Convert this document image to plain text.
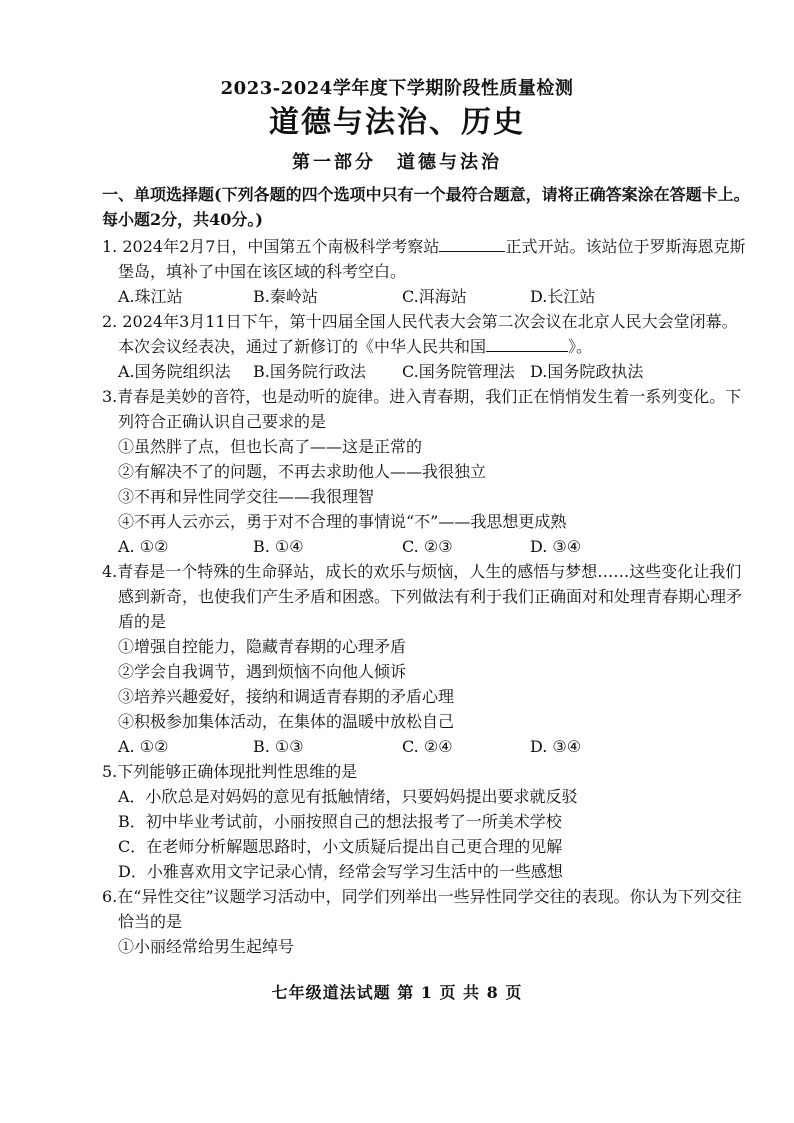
2023-2024学年度下学期阶段性质量检测
道德与法治、历史
第一部分　道德与法治
一、单项选择题(下列各题的四个选项中只有一个最符合题意，请将正确答案涂在答题卡上。
每小题2分，共40分。)
1. 2024年2月7日，中国第五个南极科学考察站	正式开站。该站位于罗斯海恩克斯
堡岛，填补了中国在该区域的科考空白。
A.珠江站	B.秦岭站	C.洱海站	D.长江站
2. 2024年3月11日下午，第十四届全国人民代表大会第二次会议在北京人民大会堂闭幕。
本次会议经表决，通过了新修订的《中华人民共和国	》。
A.国务院组织法 B.国务院行政法 C.国务院管理法 D.国务院政执法
3.青春是美妙的音符，也是动听的旋律。进入青春期，我们正在悄悄发生着一系列变化。下
列符合正确认识自己要求的是
①虽然胖了点，但也长高了——这是正常的
②有解决不了的问题，不再去求助他人——我很独立
③不再和异性同学交往——我很理智
④不再人云亦云，勇于对不合理的事情说“不”——我思想更成熟
A. ①②	B. ①④	C. ②③	D. ③④
4.青春是一个特殊的生命驿站，成长的欢乐与烦恼，人生的感悟与梦想……这些变化让我们
感到新奇，也使我们产生矛盾和困惑。下列做法有利于我们正确面对和处理青春期心理矛
盾的是
①增强自控能力，隐藏青春期的心理矛盾
②学会自我调节，遇到烦恼不向他人倾诉
③培养兴趣爱好，接纳和调适青春期的矛盾心理
④积极参加集体活动，在集体的温暖中放松自己
A. ①②	B. ①③	C. ②④	D. ③④
5.下列能够正确体现批判性思维的是
A．小欣总是对妈妈的意见有抵触情绪，只要妈妈提出要求就反驳
B．初中毕业考试前，小丽按照自己的想法报考了一所美术学校
C．在老师分析解题思路时，小文质疑后提出自己更合理的见解
D．小雅喜欢用文字记录心情，经常会写学习生活中的一些感想
6.在“异性交往”议题学习活动中，同学们列举出一些异性同学交往的表现。你认为下列交往
恰当的是
①小丽经常给男生起绰号
七年级道法试题 第 1 页 共 8 页
